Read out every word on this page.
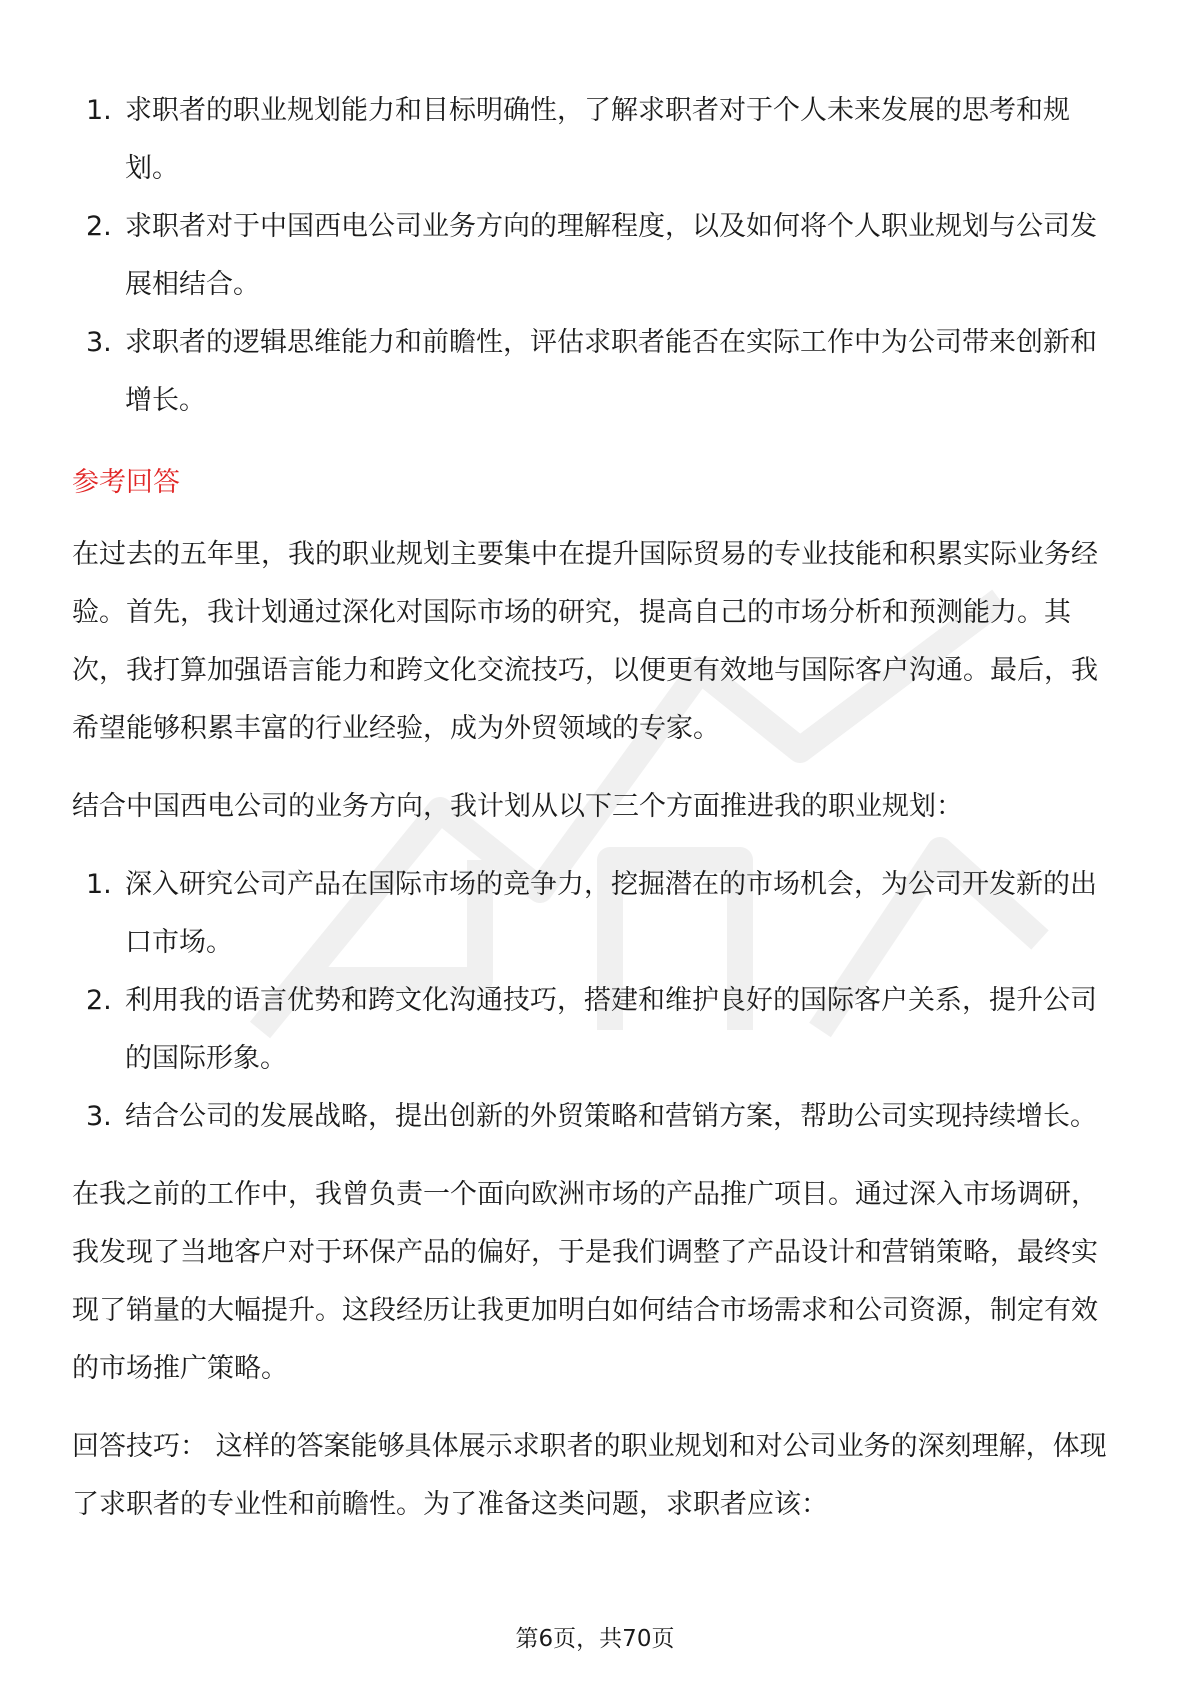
1. 求职者的职业规划能力和目标明确性，了解求职者对于个人未来发展的思考和规划。
2. 求职者对于中国西电公司业务方向的理解程度，以及如何将个人职业规划与公司发展相结合。
3. 求职者的逻辑思维能力和前瞻性，评估求职者能否在实际工作中为公司带来创新和增长。

参考回答

在过去的五年里，我的职业规划主要集中在提升国际贸易的专业技能和积累实际业务经验。首先，我计划通过深化对国际市场的研究，提高自己的市场分析和预测能力。其次，我打算加强语言能力和跨文化交流技巧，以便更有效地与国际客户沟通。最后，我希望能够积累丰富的行业经验，成为外贸领域的专家。

结合中国西电公司的业务方向，我计划从以下三个方面推进我的职业规划：

1. 深入研究公司产品在国际市场的竞争力，挖掘潜在的市场机会，为公司开发新的出口市场。
2. 利用我的语言优势和跨文化沟通技巧，搭建和维护良好的国际客户关系，提升公司的国际形象。
3. 结合公司的发展战略，提出创新的外贸策略和营销方案，帮助公司实现持续增长。

在我之前的工作中，我曾负责一个面向欧洲市场的产品推广项目。通过深入市场调研，我发现了当地客户对于环保产品的偏好，于是我们调整了产品设计和营销策略，最终实现了销量的大幅提升。这段经历让我更加明白如何结合市场需求和公司资源，制定有效的市场推广策略。

回答技巧： 这样的答案能够具体展示求职者的职业规划和对公司业务的深刻理解，体现了求职者的专业性和前瞻性。为了准备这类问题，求职者应该：

第6页，共70页
